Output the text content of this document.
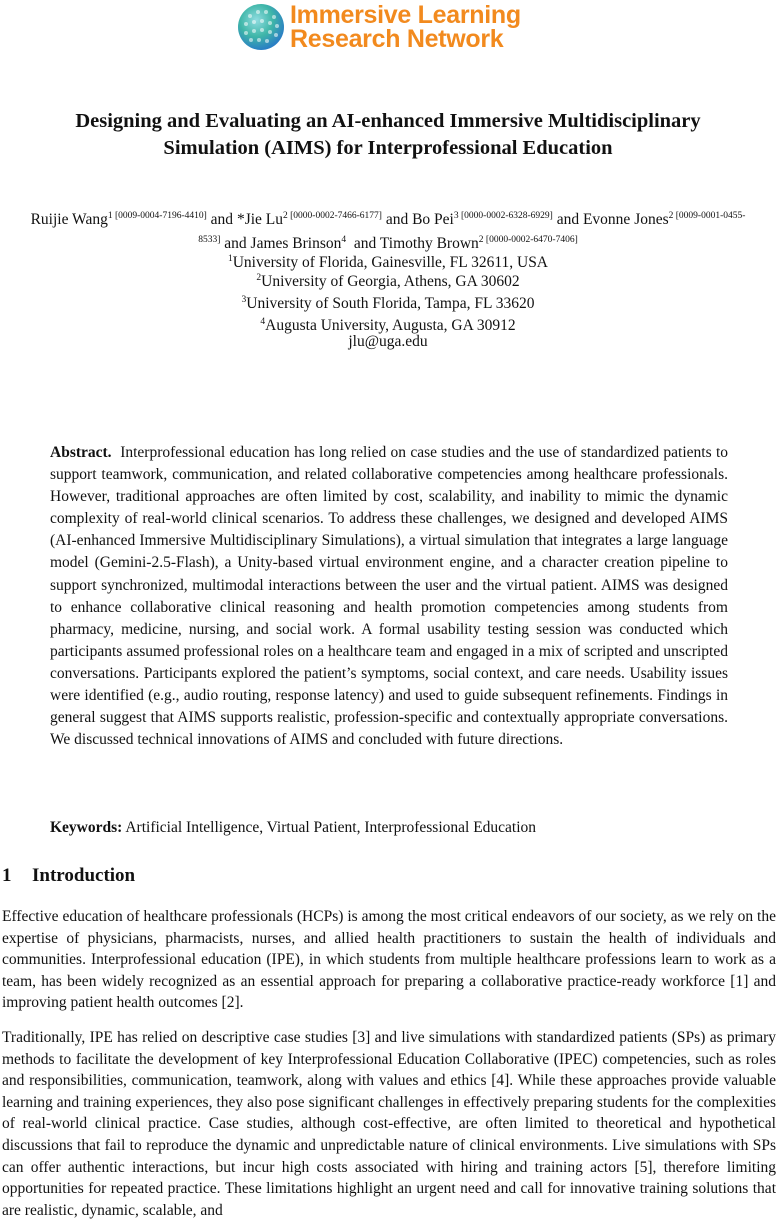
Immersive Learning
Research Network
Designing and Evaluating an AI-enhanced Immersive Multidisciplinary
Simulation (AIMS) for Interprofessional Education
Ruijie Wang$^{1 [0009-0004-7196-4410]}$ and *Jie $Lu^{2 [0000-0002-7466-6177]}$ and Bo Pei$^{3 [0000-0002-6328-6929]}$ and Evonne Jones$^{2 [0009-0001-0455-8533]}$ and James Brinson$^4$  and Timothy Brown$^{2 [0000-0002-6470-7406]}$
$^1$University of Florida, Gainesville, FL 32611, USA
$^2$University of Georgia, Athens, GA 30602
$^3$University of South Florida, Tampa, FL 33620
$^4$Augusta University, Augusta, GA 30912
jlu@uga.edu
Abstract. Interprofessional education has long relied on case studies and the use of standardized patients to support teamwork, communication, and related collaborative competencies among healthcare professionals. However, traditional approaches are often limited by cost, scalability, and inability to mimic the dynamic complexity of real-world clinical scenarios. To address these challenges, we designed and developed AIMS (AI-enhanced Immersive Multidisciplinary Simulations), a virtual simulation that integrates a large language model (Gemini-2.5-Flash), a Unity-based virtual environment engine, and a character creation pipeline to support synchronized, multimodal interactions between the user and the virtual patient. AIMS was designed to enhance collaborative clinical reasoning and health promotion competencies among students from pharmacy, medicine, nursing, and social work. A formal usability testing session was conducted which participants assumed professional roles on a healthcare team and engaged in a mix of scripted and unscripted conversations. Participants explored the patient’s symptoms, social context, and care needs. Usability issues were identified (e.g., audio routing, response latency) and used to guide subsequent refinements. Findings in general suggest that AIMS supports realistic, profession-specific and contextually appropriate conversations. We discussed technical innovations of AIMS and concluded with future directions.
Keywords: Artificial Intelligence, Virtual Patient, Interprofessional Education
1 Introduction
Effective education of healthcare professionals (HCPs) is among the most critical endeavors of our society, as we rely on the expertise of physicians, pharmacists, nurses, and allied health practitioners to sustain the health of individuals and communities. Interprofessional education (IPE), in which students from multiple healthcare professions learn to work as a team, has been widely recognized as an essential approach for preparing a collaborative practice-ready workforce [1] and improving patient health outcomes [2].
Traditionally, IPE has relied on descriptive case studies [3] and live simulations with standardized patients (SPs) as primary methods to facilitate the development of key Interprofessional Education Collaborative (IPEC) competencies, such as roles and responsibilities, communication, teamwork, along with values and ethics [4]. While these approaches provide valuable learning and training experiences, they also pose significant challenges in effectively preparing students for the complexities of real-world clinical practice. Case studies, although cost-effective, are often limited to theoretical and hypothetical discussions that fail to reproduce the dynamic and unpredictable nature of clinical environments. Live simulations with SPs can offer authentic interactions, but incur high costs associated with hiring and training actors [5], therefore limiting opportunities for repeated practice. These limitations highlight an urgent need and call for innovative training solutions that are realistic, dynamic, scalable, and
